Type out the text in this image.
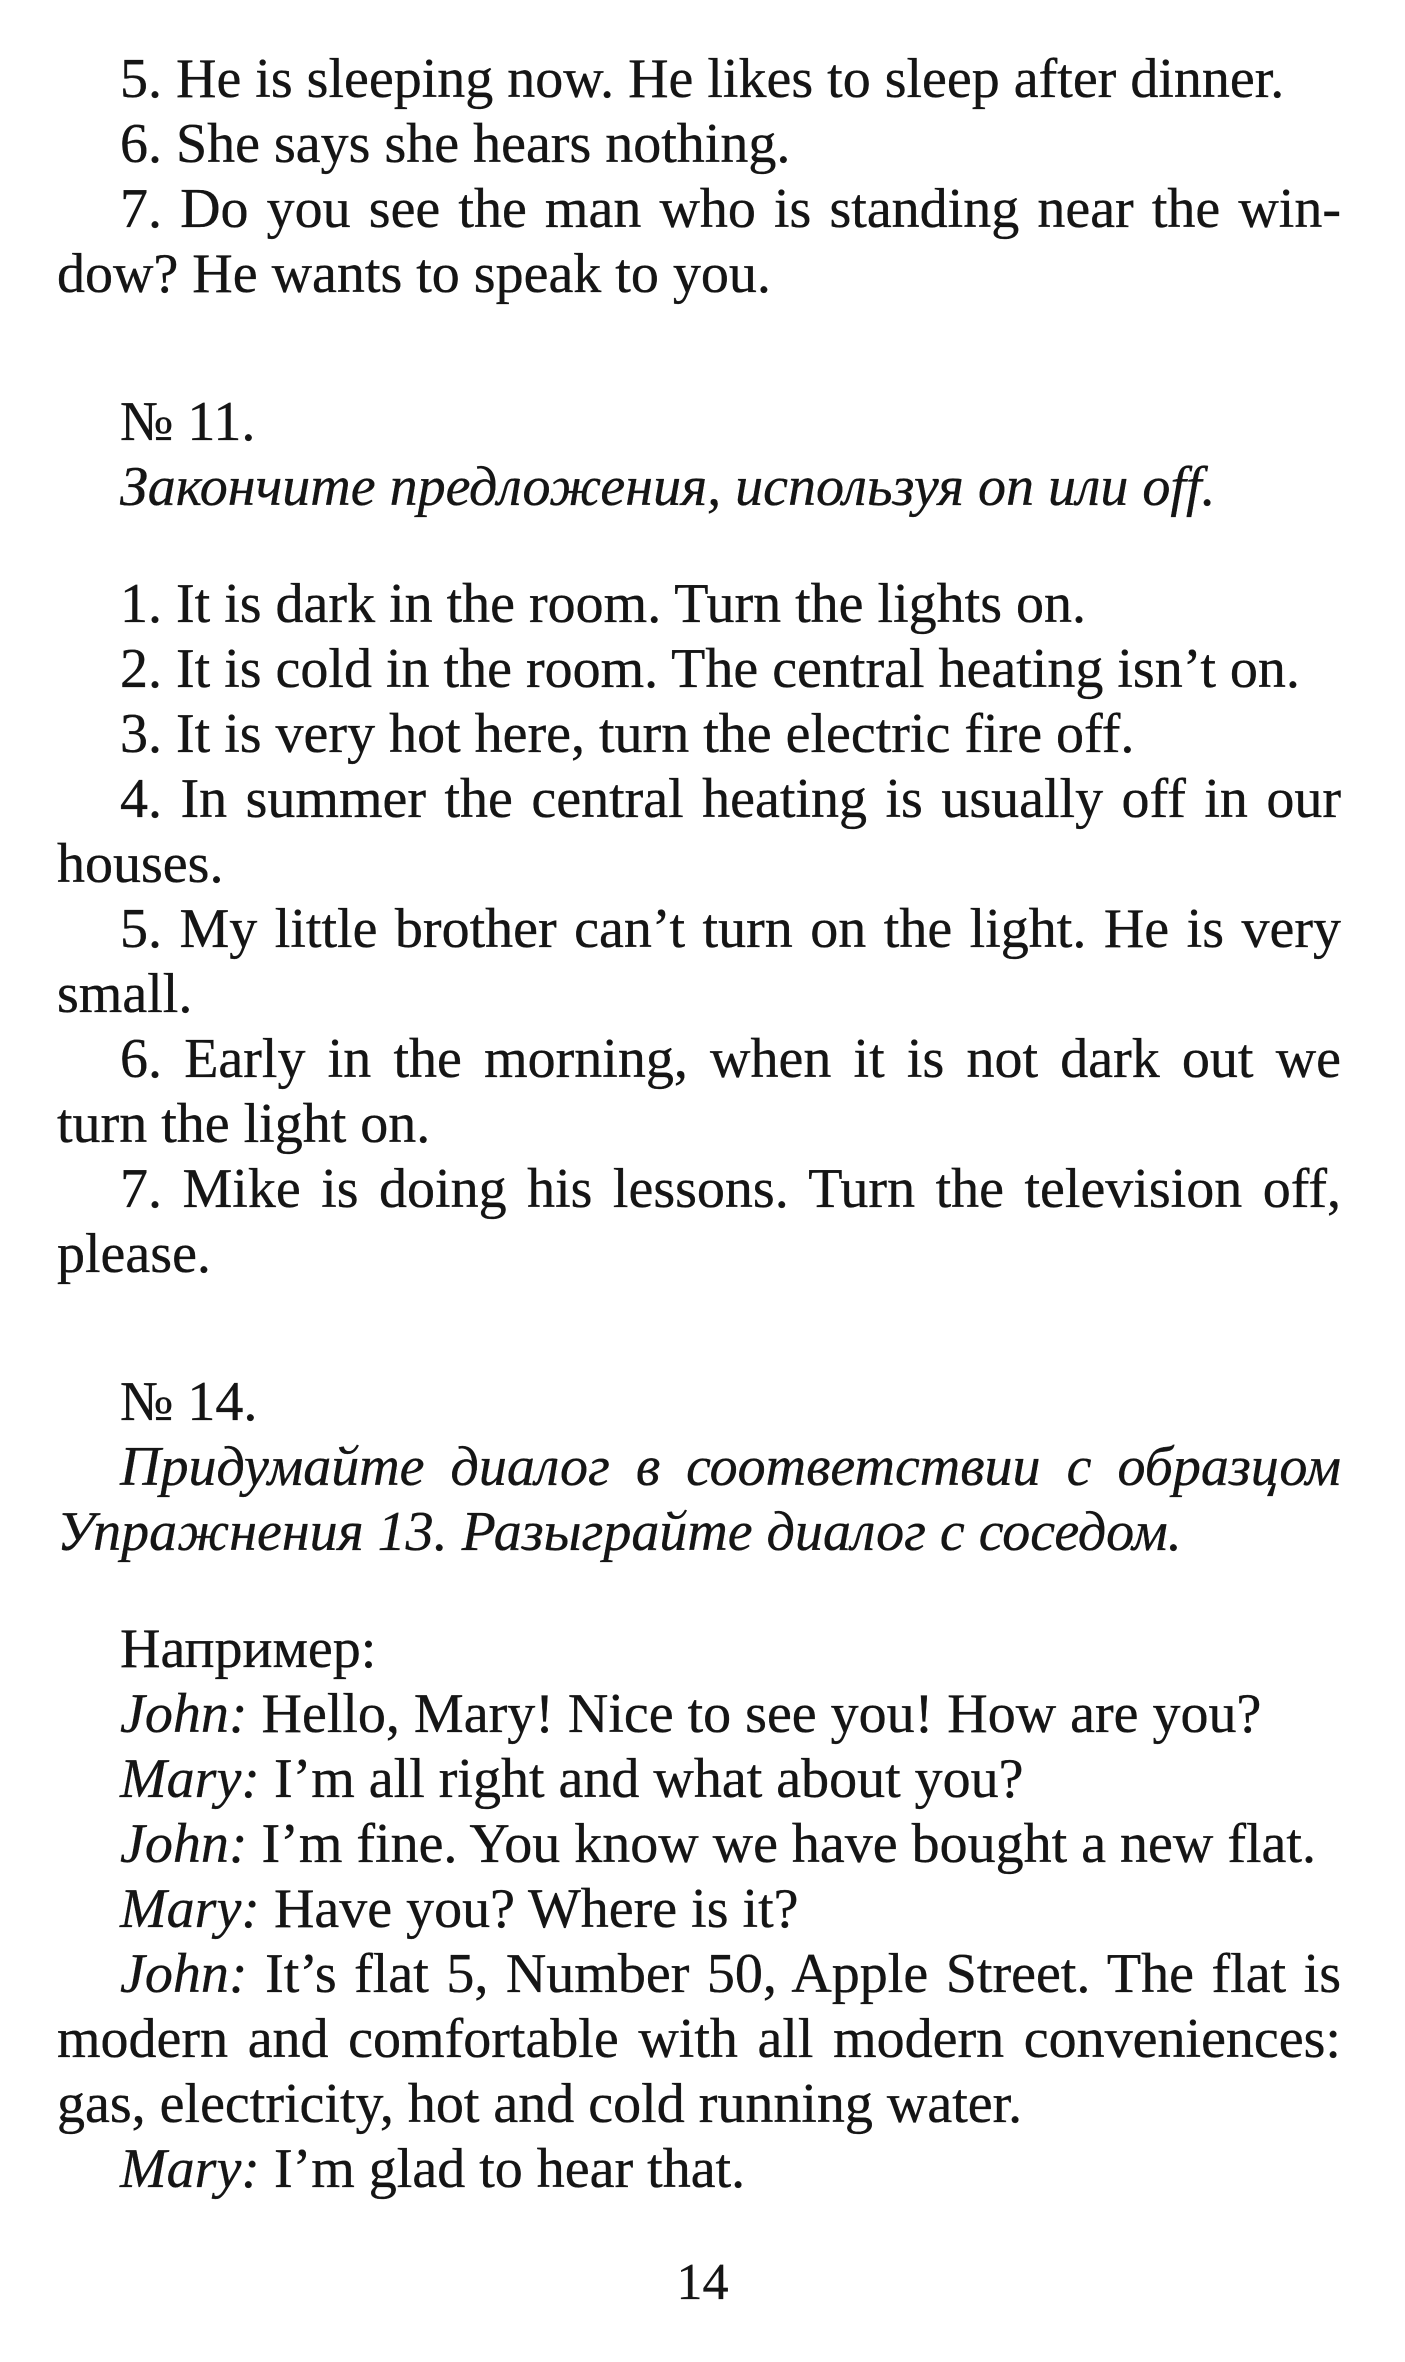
5. He is sleeping now. He likes to sleep after dinner.
6. She says she hears nothing.
7. Do you see the man who is standing near the win-
dow? He wants to speak to you.
№ 11.
Закончите предложения, используя on или off.
1. It is dark in the room. Turn the lights on.
2. It is cold in the room. The central heating isn’t on.
3. It is very hot here, turn the electric fire off.
4. In summer the central heating is usually off in our
houses.
5. My little brother can’t turn on the light. He is very
small.
6. Early in the morning, when it is not dark out we
turn the light on.
7. Mike is doing his lessons. Turn the television off,
please.
№ 14.
Придумайте диалог в соответствии с образцом
Упражнения 13. Разыграйте диалог с соседом.
Например:
John: Hello, Mary! Nice to see you! How are you?
Mary: I’m all right and what about you?
John: I’m fine. You know we have bought a new flat.
Mary: Have you? Where is it?
John: It’s flat 5, Number 50, Apple Street. The flat is
modern and comfortable with all modern conveniences:
gas, electricity, hot and cold running water.
Mary: I’m glad to hear that.
14
